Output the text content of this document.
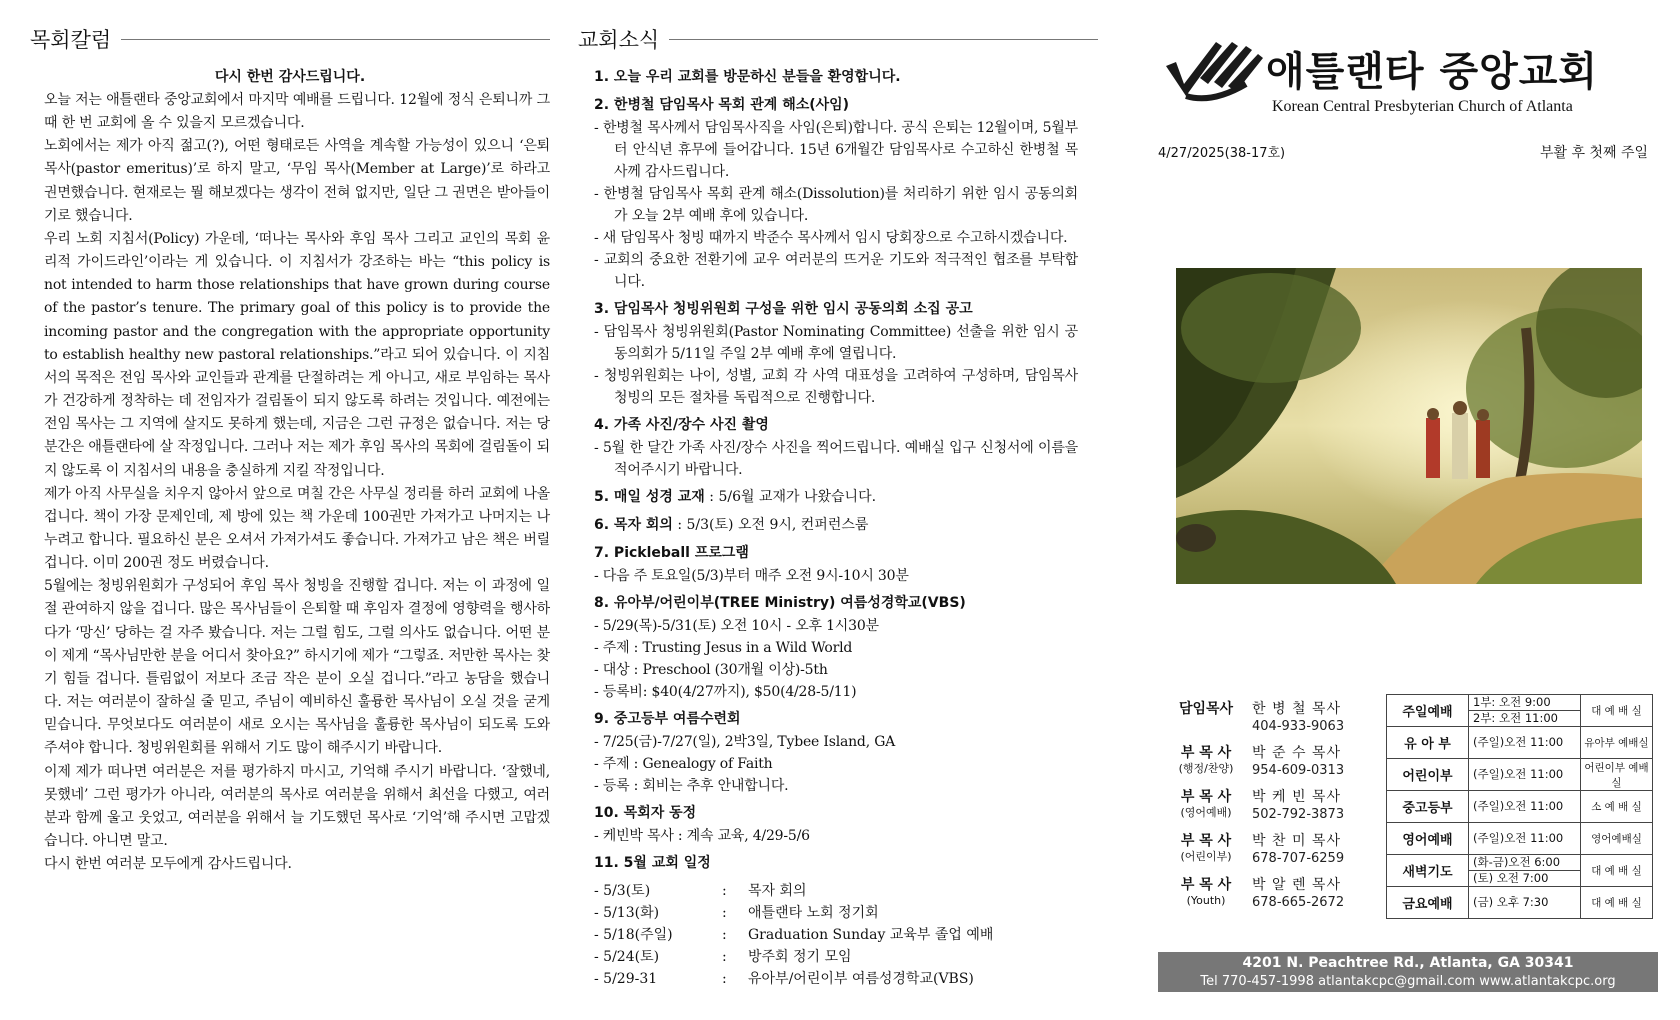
목회칼럼
다시 한번 감사드립니다.

오늘 저는 애틀랜타 중앙교회에서 마지막 예배를 드립니다. 12월에 정식 은퇴니까 그때 한 번 교회에 올 수 있을지 모르겠습니다.

노회에서는 제가 아직 젊고(?), 어떤 형태로든 사역을 계속할 가능성이 있으니 ‘은퇴 목사(pastor emeritus)’로 하지 말고, ‘무임 목사(Member at Large)’로 하라고 권면했습니다. 현재로는 뭘 해보겠다는 생각이 전혀 없지만, 일단 그 권면은 받아들이기로 했습니다.

우리 노회 지침서(Policy) 가운데, ‘떠나는 목사와 후임 목사 그리고 교인의 목회 윤리적 가이드라인’이라는 게 있습니다. 이 지침서가 강조하는 바는 “this policy is not intended to harm those relationships that have grown during course of the pastor’s tenure. The primary goal of this policy is to provide the incoming pastor and the congregation with the appropriate opportunity to establish healthy new pastoral relationships.”라고 되어 있습니다. 이 지침서의 목적은 전임 목사와 교인들과 관계를 단절하려는 게 아니고, 새로 부임하는 목사가 건강하게 정착하는 데 전임자가 걸림돌이 되지 않도록 하려는 것입니다. 예전에는 전임 목사는 그 지역에 살지도 못하게 했는데, 지금은 그런 규정은 없습니다. 저는 당분간은 애틀랜타에 살 작정입니다. 그러나 저는 제가 후임 목사의 목회에 걸림돌이 되지 않도록 이 지침서의 내용을 충실하게 지킬 작정입니다.

제가 아직 사무실을 치우지 않아서 앞으로 며칠 간은 사무실 정리를 하러 교회에 나올 겁니다. 책이 가장 문제인데, 제 방에 있는 책 가운데 100권만 가져가고 나머지는 나누려고 합니다. 필요하신 분은 오셔서 가져가셔도 좋습니다. 가져가고 남은 책은 버릴 겁니다. 이미 200권 정도 버렸습니다.

5월에는 청빙위원회가 구성되어 후임 목사 청빙을 진행할 겁니다. 저는 이 과정에 일절 관여하지 않을 겁니다. 많은 목사님들이 은퇴할 때 후임자 결정에 영향력을 행사하다가 ‘망신’ 당하는 걸 자주 봤습니다. 저는 그럴 힘도, 그럴 의사도 없습니다. 어떤 분이 제게 “목사님만한 분을 어디서 찾아요?” 하시기에 제가 “그렇죠. 저만한 목사는 찾기 힘들 겁니다. 틀림없이 저보다 조금 작은 분이 오실 겁니다.”라고 농담을 했습니다. 저는 여러분이 잘하실 줄 믿고, 주님이 예비하신 훌륭한 목사님이 오실 것을 굳게 믿습니다. 무엇보다도 여러분이 새로 오시는 목사님을 훌륭한 목사님이 되도록 도와주셔야 합니다. 청빙위원회를 위해서 기도 많이 해주시기 바랍니다.

이제 제가 떠나면 여러분은 저를 평가하지 마시고, 기억해 주시기 바랍니다. ‘잘했네, 못했네’ 그런 평가가 아니라, 여러분의 목사로 여러분을 위해서 최선을 다했고, 여러분과 함께 울고 웃었고, 여러분을 위해서 늘 기도했던 목사로 ‘기억’해 주시면 고맙겠습니다. 아니면 말고.

다시 한번 여러분 모두에게 감사드립니다.

교회소식
1. 오늘 우리 교회를 방문하신 분들을 환영합니다.
2. 한병철 담임목사 목회 관계 해소(사임)
- 한병철 목사께서 담임목사직을 사임(은퇴)합니다. 공식 은퇴는 12월이며, 5월부터 안식년 휴무에 들어갑니다. 15년 6개월간 담임목사로 수고하신 한병철 목사께 감사드립니다.
- 한병철 담임목사 목회 관계 해소(Dissolution)를 처리하기 위한 임시 공동의회가 오늘 2부 예배 후에 있습니다.
- 새 담임목사 청빙 때까지 박준수 목사께서 임시 당회장으로 수고하시겠습니다.
- 교회의 중요한 전환기에 교우 여러분의 뜨거운 기도와 적극적인 협조를 부탁합니다.
3. 담임목사 청빙위원회 구성을 위한 임시 공동의회 소집 공고
- 담임목사 청빙위원회(Pastor Nominating Committee) 선출을 위한 임시 공동의회가 5/11일 주일 2부 예배 후에 열립니다.
- 청빙위원회는 나이, 성별, 교회 각 사역 대표성을 고려하여 구성하며, 담임목사 청빙의 모든 절차를 독립적으로 진행합니다.
4. 가족 사진/장수 사진 촬영
- 5월 한 달간 가족 사진/장수 사진을 찍어드립니다. 예배실 입구 신청서에 이름을 적어주시기 바랍니다.
5. 매일 성경 교재 : 5/6월 교재가 나왔습니다.
6. 목자 회의 : 5/3(토) 오전 9시, 컨퍼런스룸
7. Pickleball 프로그램
- 다음 주 토요일(5/3)부터 매주 오전 9시-10시 30분
8. 유아부/어린이부(TREE Ministry) 여름성경학교(VBS)
- 5/29(목)-5/31(토) 오전 10시 - 오후 1시30분
- 주제 : Trusting Jesus in a Wild World
- 대상 : Preschool (30개월 이상)-5th
- 등록비: $40(4/27까지), $50(4/28-5/11)
9. 중고등부 여름수련회
- 7/25(금)-7/27(일), 2박3일, Tybee Island, GA
- 주제 : Genealogy of Faith
- 등록 : 회비는 추후 안내합니다.
10. 목회자 동정
- 케빈박 목사 : 계속 교육, 4/29-5/6
11. 5월 교회 일정
- 5/3(토)	:	목자 회의
- 5/13(화)	:	애틀랜타 노회 정기회
- 5/18(주일)	:	Graduation Sunday 교육부 졸업 예배
- 5/24(토)	:	방주회 정기 모임
- 5/29-31	:	유아부/어린이부 여름성경학교(VBS)
애틀랜타 중앙교회
Korean Central Presbyterian Church of Atlanta
4/27/2025(38-17호)	부활 후 첫째 주일
담임목사	한 병 철 목사
404-933-9063
부 목 사
(행정/찬양)
박 준 수 목사
954-609-0313
부 목 사
(영어예배)
박 케 빈 목사
502-792-3873
부 목 사
(어린이부)
박 찬 미 목사
678-707-6259
부 목 사
(Youth)
박 알 렌 목사
678-665-2672
주일예배	1부: 오전 9:00
2부: 오전 11:00	대 예 배 실
유 아 부	(주일)오전 11:00	유아부 예배실
어린이부	(주일)오전 11:00	어린이부 예배실
중고등부	(주일)오전 11:00	소 예 배 실
영어예배	(주일)오전 11:00	영어예배실
새벽기도	(화-금)오전 6:00
(토) 오전 7:00	대 예 배 실
금요예배	(금) 오후 7:30	대 예 배 실
4201 N. Peachtree Rd., Atlanta, GA 30341
Tel 770-457-1998 atlantakcpc@gmail.com www.atlantakcpc.org
